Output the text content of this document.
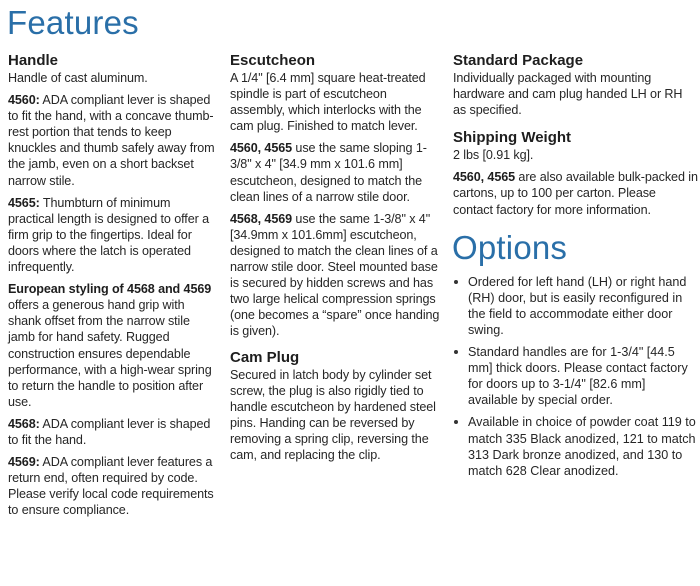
Features
Handle

Handle of cast aluminum.

4560: ADA compliant lever is shaped to fit the hand, with a concave thumb-rest portion that tends to keep knuckles and thumb safely away from the jamb, even on a short backset narrow stile.

4565: Thumbturn of minimum practical length is designed to offer a firm grip to the fingertips. Ideal for doors where the latch is operated infrequently.

European styling of 4568 and 4569 offers a generous hand grip with shank offset from the narrow stile jamb for hand safety. Rugged construction ensures dependable performance, with a high-wear spring to return the handle to position after use.

4568: ADA compliant lever is shaped to fit the hand.

4569: ADA compliant lever features a return end, often required by code. Please verify local code requirements to ensure compliance.

Escutcheon

A 1/4" [6.4 mm] square heat-treated spindle is part of escutcheon assembly, which interlocks with the cam plug. Finished to match lever.

4560, 4565 use the same sloping 1-3/8" x 4" [34.9 mm x 101.6 mm] escutcheon, designed to match the clean lines of a narrow stile door.

4568, 4569 use the same 1-3/8" x 4" [34.9mm x 101.6mm] escutcheon, designed to match the clean lines of a narrow stile door. Steel mounted base is secured by hidden screws and has two large helical compression springs (one becomes a “spare” once handing is given).

Cam Plug

Secured in latch body by cylinder set screw, the plug is also rigidly tied to handle escutcheon by hardened steel pins. Handing can be reversed by removing a spring clip, reversing the cam, and replacing the clip.

Standard Package

Individually packaged with mounting hardware and cam plug handed LH or RH as specified.

Shipping Weight

2 lbs [0.91 kg].

4560, 4565 are also available bulk-packed in cartons, up to 100 per carton. Please contact factory for more information.

Options
Ordered for left hand (LH) or right hand (RH) door, but is easily reconfigured in the field to accommodate either door swing.
Standard handles are for 1-3/4" [44.5 mm] thick doors. Please contact factory for doors up to 3-1/4" [82.6 mm] available by special order.
Available in choice of powder coat 119 to match 335 Black anodized, 121 to match 313 Dark bronze anodized, and 130 to match 628 Clear anodized.
